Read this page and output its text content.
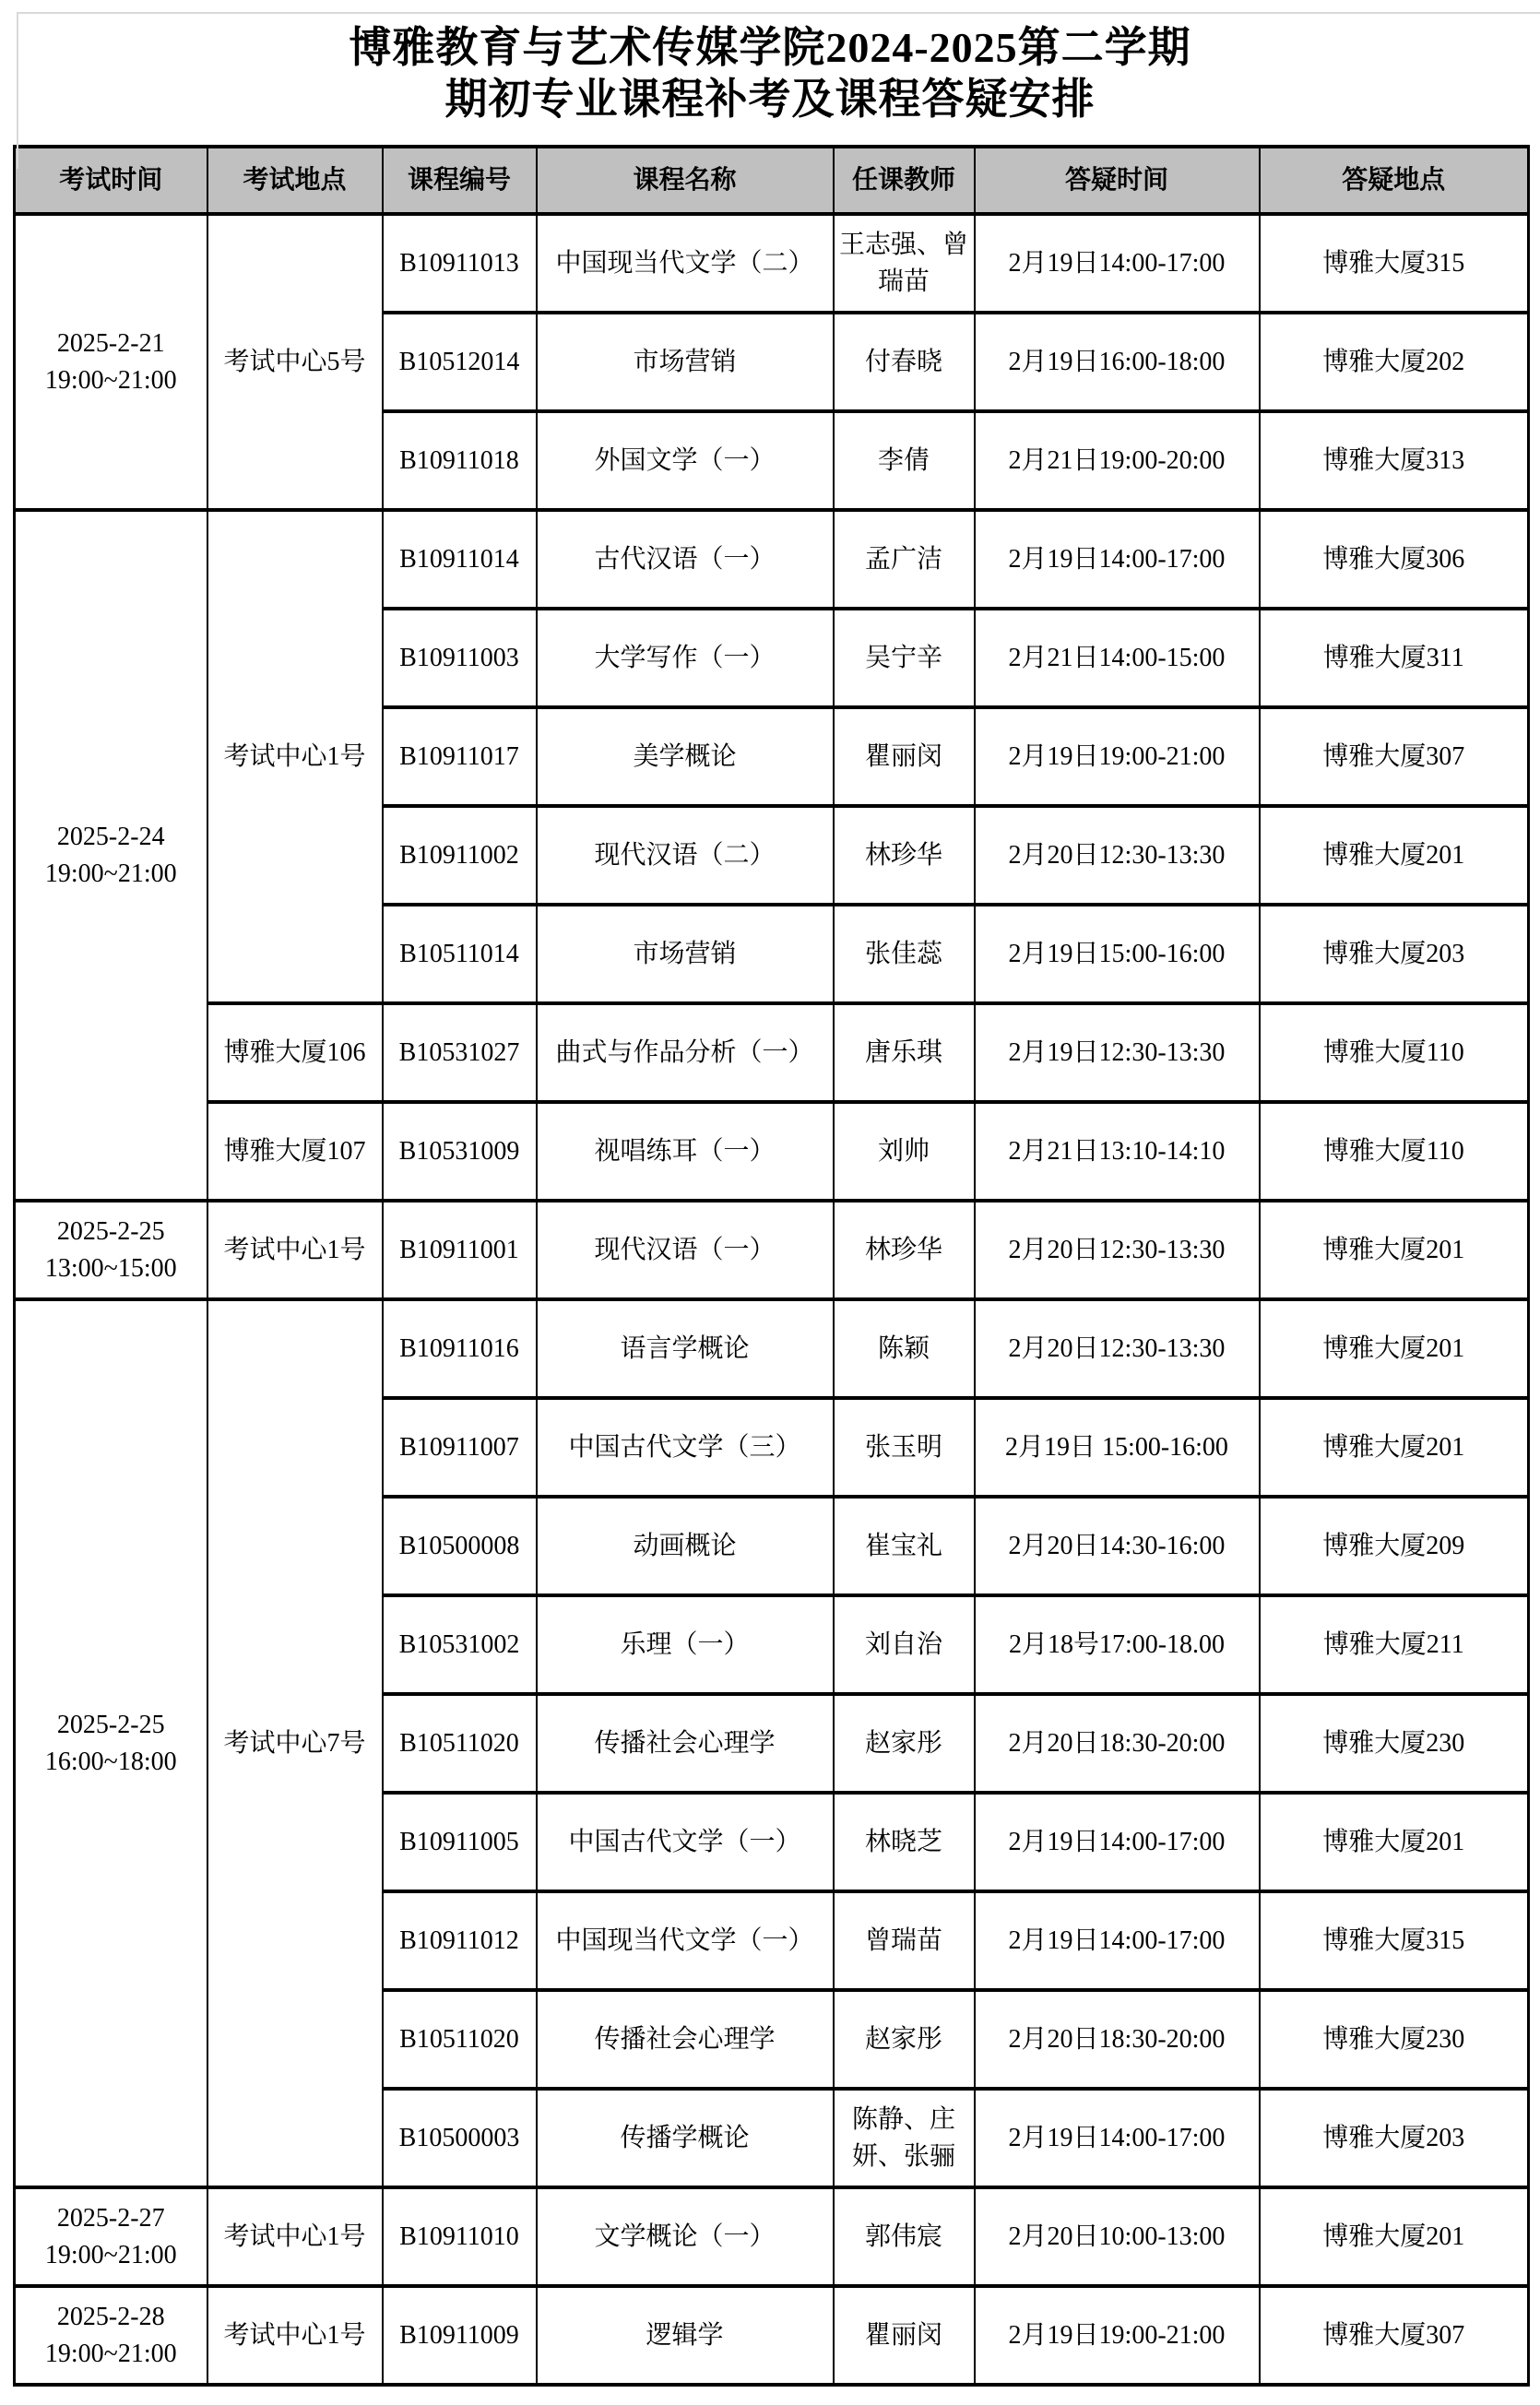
博雅教育与艺术传媒学院2024-2025第二学期
期初专业课程补考及课程答疑安排
考试时间	考试地点	课程编号	课程名称	任课教师	答疑时间	答疑地点

2025-2-21
19:00~21:00	考试中心5号	B10911013	中国现当代文学（二）	王志强、曾瑞苗	2月19日14:00-17:00	博雅大厦315
		B10512014	市场营销	付春晓	2月19日16:00-18:00	博雅大厦202
		B10911018	外国文学（一）	李倩	2月21日19:00-20:00	博雅大厦313

2025-2-24
19:00~21:00	考试中心1号	B10911014	古代汉语（一）	孟广洁	2月19日14:00-17:00	博雅大厦306
		B10911003	大学写作（一）	吴宁辛	2月21日14:00-15:00	博雅大厦311
		B10911017	美学概论	瞿丽闵	2月19日19:00-21:00	博雅大厦307
		B10911002	现代汉语（二）	林珍华	2月20日12:30-13:30	博雅大厦201
		B10511014	市场营销	张佳蕊	2月19日15:00-16:00	博雅大厦203
	博雅大厦106	B10531027	曲式与作品分析（一）	唐乐琪	2月19日12:30-13:30	博雅大厦110
	博雅大厦107	B10531009	视唱练耳（一）	刘帅	2月21日13:10-14:10	博雅大厦110

2025-2-25
13:00~15:00	考试中心1号	B10911001	现代汉语（一）	林珍华	2月20日12:30-13:30	博雅大厦201

2025-2-25
16:00~18:00	考试中心7号	B10911016	语言学概论	陈颖	2月20日12:30-13:30	博雅大厦201
		B10911007	中国古代文学（三）	张玉明	2月19日 15:00-16:00	博雅大厦201
		B10500008	动画概论	崔宝礼	2月20日14:30-16:00	博雅大厦209
		B10531002	乐理（一）	刘自治	2月18号17:00-18.00	博雅大厦211
		B10511020	传播社会心理学	赵家彤	2月20日18:30-20:00	博雅大厦230
		B10911005	中国古代文学（一）	林晓芝	2月19日14:00-17:00	博雅大厦201
		B10911012	中国现当代文学（一）	曾瑞苗	2月19日14:00-17:00	博雅大厦315
		B10511020	传播社会心理学	赵家彤	2月20日18:30-20:00	博雅大厦230
		B10500003	传播学概论	陈静、庄妍、张骊	2月19日14:00-17:00	博雅大厦203

2025-2-27
19:00~21:00	考试中心1号	B10911010	文学概论（一）	郭伟宸	2月20日10:00-13:00	博雅大厦201

2025-2-28
19:00~21:00	考试中心1号	B10911009	逻辑学	瞿丽闵	2月19日19:00-21:00	博雅大厦307
